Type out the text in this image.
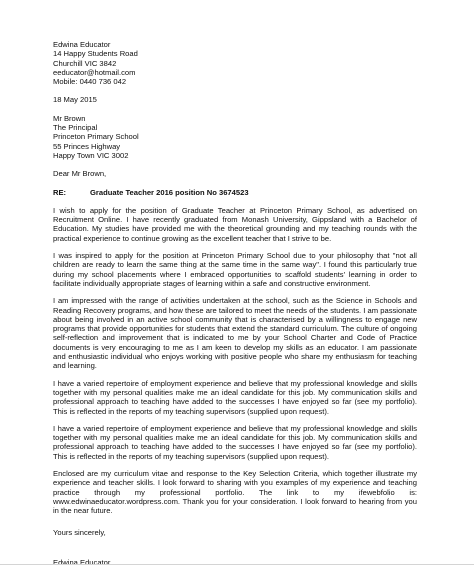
Edwina Educator
14 Happy Students Road
Churchill VIC 3842
eeducator@hotmail.com
Mobile: 0440 736 042
18 May 2015
Mr Brown
The Principal
Princeton Primary School
55 Princes Highway
Happy Town VIC 3002
Dear Mr Brown,
RE:	Graduate Teacher 2016 position No 3674523

I wish to apply for the position of Graduate Teacher at Princeton Primary School, as advertised on Recruitment Online. I have recently graduated from Monash University, Gippsland with a Bachelor of Education. My studies have provided me with the theoretical grounding and my teaching rounds with the practical experience to continue growing as the excellent teacher that I strive to be.

I was inspired to apply for the position at Princeton Primary School due to your philosophy that "not all children are ready to learn the same thing at the same time in the same way". I found this particularly true during my school placements where I embraced opportunities to scaffold students' learning in order to facilitate individually appropriate stages of learning within a safe and constructive environment.

I am impressed with the range of activities undertaken at the school, such as the Science in Schools and Reading Recovery programs, and how these are tailored to meet the needs of the students. I am passionate about being involved in an active school community that is characterised by a willingness to engage new programs that provide opportunities for students that extend the standard curriculum. The culture of ongoing self-reflection and improvement that is indicated to me by your School Charter and Code of Practice documents is very encouraging to me as I am keen to develop my skills as an educator. I am passionate and enthusiastic individual who enjoys working with positive people who share my enthusiasm for teaching and learning.

I have a varied repertoire of employment experience and believe that my professional knowledge and skills together with my personal qualities make me an ideal candidate for this job. My communication skills and professional approach to teaching have added to the successes I have enjoyed so far (see my portfolio). This is reflected in the reports of my teaching supervisors (supplied upon request).

I have a varied repertoire of employment experience and believe that my professional knowledge and skills together with my personal qualities make me an ideal candidate for this job. My communication skills and professional approach to teaching have added to the successes I have enjoyed so far (see my portfolio). This is reflected in the reports of my teaching supervisors (supplied upon request).

Enclosed are my curriculum vitae and response to the Key Selection Criteria, which together illustrate my experience and teacher skills. I look forward to sharing with you examples of my experience and teaching practice through my professional portfolio. The link to my ifewebfolio is: www.edwinaeducator.wordpress.com. Thank you for your consideration. I look forward to hearing from you in the near future.

Yours sincerely,
Edwina Educator
